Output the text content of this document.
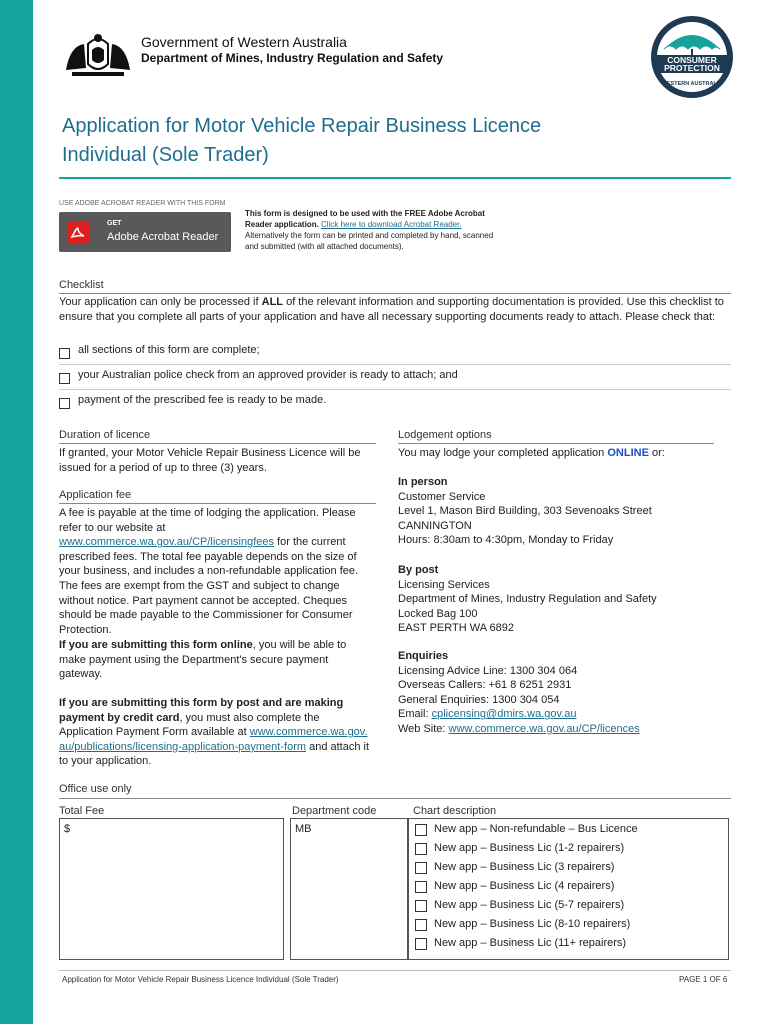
Government of Western Australia
Department of Mines, Industry Regulation and Safety	CONSUMER
PROTECTION
WESTERN AUSTRALIA
Application for Motor Vehicle Repair Business Licence
Individual (Sole Trader)
USE ADOBE ACROBAT READER WITH THIS FORM
GET
Adobe Acrobat Reader
This form is designed to be used with the FREE Adobe Acrobat Reader application. Click here to download Acrobat Reader. Alternatively the form can be printed and completed by hand, scanned and submitted (with all attached documents).
Checklist
Your application can only be processed if ALL of the relevant information and supporting documentation is provided. Use this checklist to ensure that you complete all parts of your application and have all necessary supporting documents ready to attach. Please check that:
all sections of this form are complete;
your Australian police check from an approved provider is ready to attach; and
payment of the prescribed fee is ready to be made.
Duration of licence
If granted, your Motor Vehicle Repair Business Licence will be issued for a period of up to three (3) years.
Application fee
A fee is payable at the time of lodging the application. Please refer to our website at www.commerce.wa.gov.au/CP/licensingfees for the current prescribed fees. The total fee payable depends on the size of your business, and includes a non-refundable application fee. The fees are exempt from the GST and subject to change without notice. Part payment cannot be accepted. Cheques should be made payable to the Commissioner for Consumer Protection.
If you are submitting this form online, you will be able to make payment using the Department's secure payment gateway.
If you are submitting this form by post and are making payment by credit card, you must also complete the Application Payment Form available at www.commerce.wa.gov.au/publications/licensing-application-payment-form and attach it to your application.
Lodgement options
You may lodge your completed application ONLINE or:
In person
Customer Service
Level 1, Mason Bird Building, 303 Sevenoaks Street
CANNINGTON
Hours: 8:30am to 4:30pm, Monday to Friday
By post
Licensing Services
Department of Mines, Industry Regulation and Safety
Locked Bag 100
EAST PERTH WA 6892
Enquiries
Licensing Advice Line: 1300 304 064
Overseas Callers: +61 8 6251 2931
General Enquiries: 1300 304 054
Email: cplicensing@dmirs.wa.gov.au
Web Site: www.commerce.wa.gov.au/CP/licences
Office use only
Total Fee	Department code	Chart description
$	MB	New app – Non-refundable – Bus Licence
New app – Business Lic (1-2 repairers)
New app – Business Lic (3 repairers)
New app – Business Lic (4 repairers)
New app – Business Lic (5-7 repairers)
New app – Business Lic (8-10 repairers)
New app – Business Lic (11+ repairers)
Application for Motor Vehicle Repair Business Licence Individual (Sole Trader)	PAGE 1 OF 6
